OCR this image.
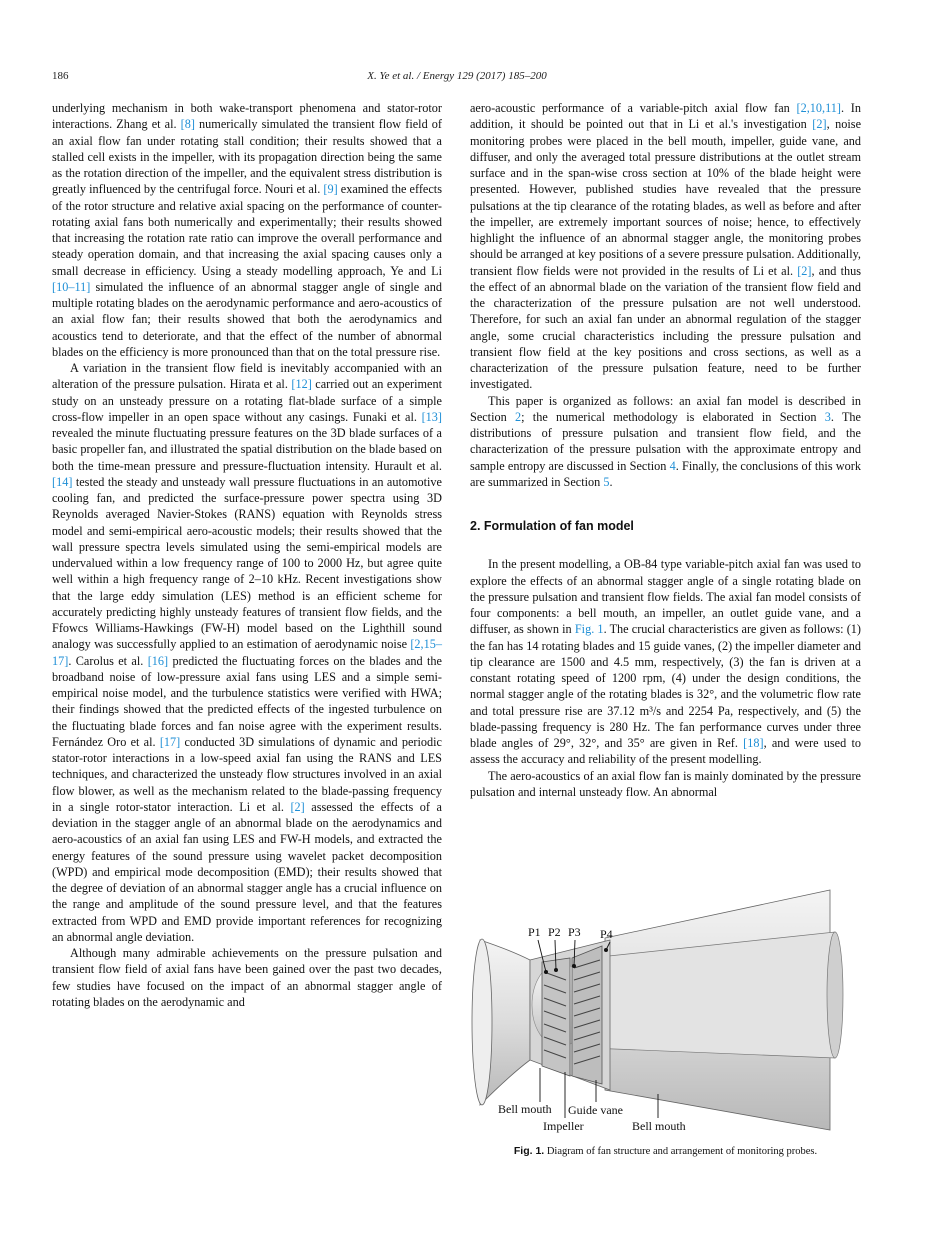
186	X. Ye et al. / Energy 129 (2017) 185–200

underlying mechanism in both wake-transport phenomena and stator-rotor interactions. Zhang et al. [8] numerically simulated the transient flow field of an axial flow fan under rotating stall condition; their results showed that a stalled cell exists in the impeller, with its propagation direction being the same as the rotation direction of the impeller, and the equivalent stress distribution is greatly influenced by the centrifugal force. Nouri et al. [9] examined the effects of the rotor structure and relative axial spacing on the performance of counter-rotating axial fans both numerically and experimentally; their results showed that increasing the rotation rate ratio can improve the overall performance and steady operation domain, and that increasing the axial spacing causes only a small decrease in efficiency. Using a steady modelling approach, Ye and Li [10–11] simulated the influence of an abnormal stagger angle of single and multiple rotating blades on the aerodynamic performance and aero-acoustics of an axial flow fan; their results showed that both the aerodynamics and acoustics tend to deteriorate, and that the effect of the number of abnormal blades on the efficiency is more pronounced than that on the total pressure rise.

A variation in the transient flow field is inevitably accompanied with an alteration of the pressure pulsation. Hirata et al. [12] carried out an experiment study on an unsteady pressure on a rotating flat-blade surface of a simple cross-flow impeller in an open space without any casings. Funaki et al. [13] revealed the minute fluctuating pressure features on the 3D blade surfaces of a basic propeller fan, and illustrated the spatial distribution on the blade based on both the time-mean pressure and pressure-fluctuation intensity. Hurault et al. [14] tested the steady and unsteady wall pressure fluctuations in an automotive cooling fan, and predicted the surface-pressure power spectra using 3D Reynolds averaged Navier-Stokes (RANS) equation with Reynolds stress model and semi-empirical aero-acoustic models; their results showed that the wall pressure spectra levels simulated using the semi-empirical models are undervalued within a low frequency range of 100 to 2000 Hz, but agree quite well within a high frequency range of 2–10 kHz. Recent investigations show that the large eddy simulation (LES) method is an efficient scheme for accurately predicting highly unsteady features of transient flow fields, and the Ffowcs Williams-Hawkings (FW-H) model based on the Lighthill sound analogy was successfully applied to an estimation of aerodynamic noise [2,15–17]. Carolus et al. [16] predicted the fluctuating forces on the blades and the broadband noise of low-pressure axial fans using LES and a simple semi-empirical noise model, and the turbulence statistics were verified with HWA; their findings showed that the predicted effects of the ingested turbulence on the fluctuating blade forces and fan noise agree with the experiment results. Fernández Oro et al. [17] conducted 3D simulations of dynamic and periodic stator-rotor interactions in a low-speed axial fan using the RANS and LES techniques, and characterized the unsteady flow structures involved in an axial flow blower, as well as the mechanism related to the blade-passing frequency in a single rotor-stator interaction. Li et al. [2] assessed the effects of a deviation in the stagger angle of an abnormal blade on the aerodynamics and aero-acoustics of an axial fan using LES and FW-H models, and extracted the energy features of the sound pressure using wavelet packet decomposition (WPD) and empirical mode decomposition (EMD); their results showed that the degree of deviation of an abnormal stagger angle has a crucial influence on the range and amplitude of the sound pressure level, and that the features extracted from WPD and EMD provide important references for recognizing an abnormal angle deviation.

Although many admirable achievements on the pressure pulsation and transient flow field of axial fans have been gained over the past two decades, few studies have focused on the impact of an abnormal stagger angle of rotating blades on the aerodynamic and

aero-acoustic performance of a variable-pitch axial flow fan [2,10,11]. In addition, it should be pointed out that in Li et al.'s investigation [2], noise monitoring probes were placed in the bell mouth, impeller, guide vane, and diffuser, and only the averaged total pressure distributions at the outlet stream surface and in the span-wise cross section at 10% of the blade height were presented. However, published studies have revealed that the pressure pulsations at the tip clearance of the rotating blades, as well as before and after the impeller, are extremely important sources of noise; hence, to effectively highlight the influence of an abnormal stagger angle, the monitoring probes should be arranged at key positions of a severe pressure pulsation. Additionally, transient flow fields were not provided in the results of Li et al. [2], and thus the effect of an abnormal blade on the variation of the transient flow field and the characterization of the pressure pulsation are not well understood. Therefore, for such an axial fan under an abnormal regulation of the stagger angle, some crucial characteristics including the pressure pulsation and transient flow field at the key positions and cross sections, as well as a characterization of the pressure pulsation feature, need to be further investigated.

This paper is organized as follows: an axial fan model is described in Section 2; the numerical methodology is elaborated in Section 3. The distributions of pressure pulsation and transient flow field, and the characterization of the pressure pulsation with the approximate entropy and sample entropy are discussed in Section 4. Finally, the conclusions of this work are summarized in Section 5.

2. Formulation of fan model

In the present modelling, a OB-84 type variable-pitch axial fan was used to explore the effects of an abnormal stagger angle of a single rotating blade on the pressure pulsation and transient flow fields. The axial fan model consists of four components: a bell mouth, an impeller, an outlet guide vane, and a diffuser, as shown in Fig. 1. The crucial characteristics are given as follows: (1) the fan has 14 rotating blades and 15 guide vanes, (2) the impeller diameter and tip clearance are 1500 and 4.5 mm, respectively, (3) the fan is driven at a constant rotating speed of 1200 rpm, (4) under the design conditions, the normal stagger angle of the rotating blades is 32°, and the volumetric flow rate and total pressure rise are 37.12 m³/s and 2254 Pa, respectively, and (5) the blade-passing frequency is 280 Hz. The fan performance curves under three blade angles of 29°, 32°, and 35° are given in Ref. [18], and were used to assess the accuracy and reliability of the present modelling.

The aero-acoustics of an axial flow fan is mainly dominated by the pressure pulsation and internal unsteady flow. An abnormal

P1 P2 P3 P4
Bell mouth Guide vane
Impeller	Bell mouth
Fig. 1. Diagram of fan structure and arrangement of monitoring probes.
